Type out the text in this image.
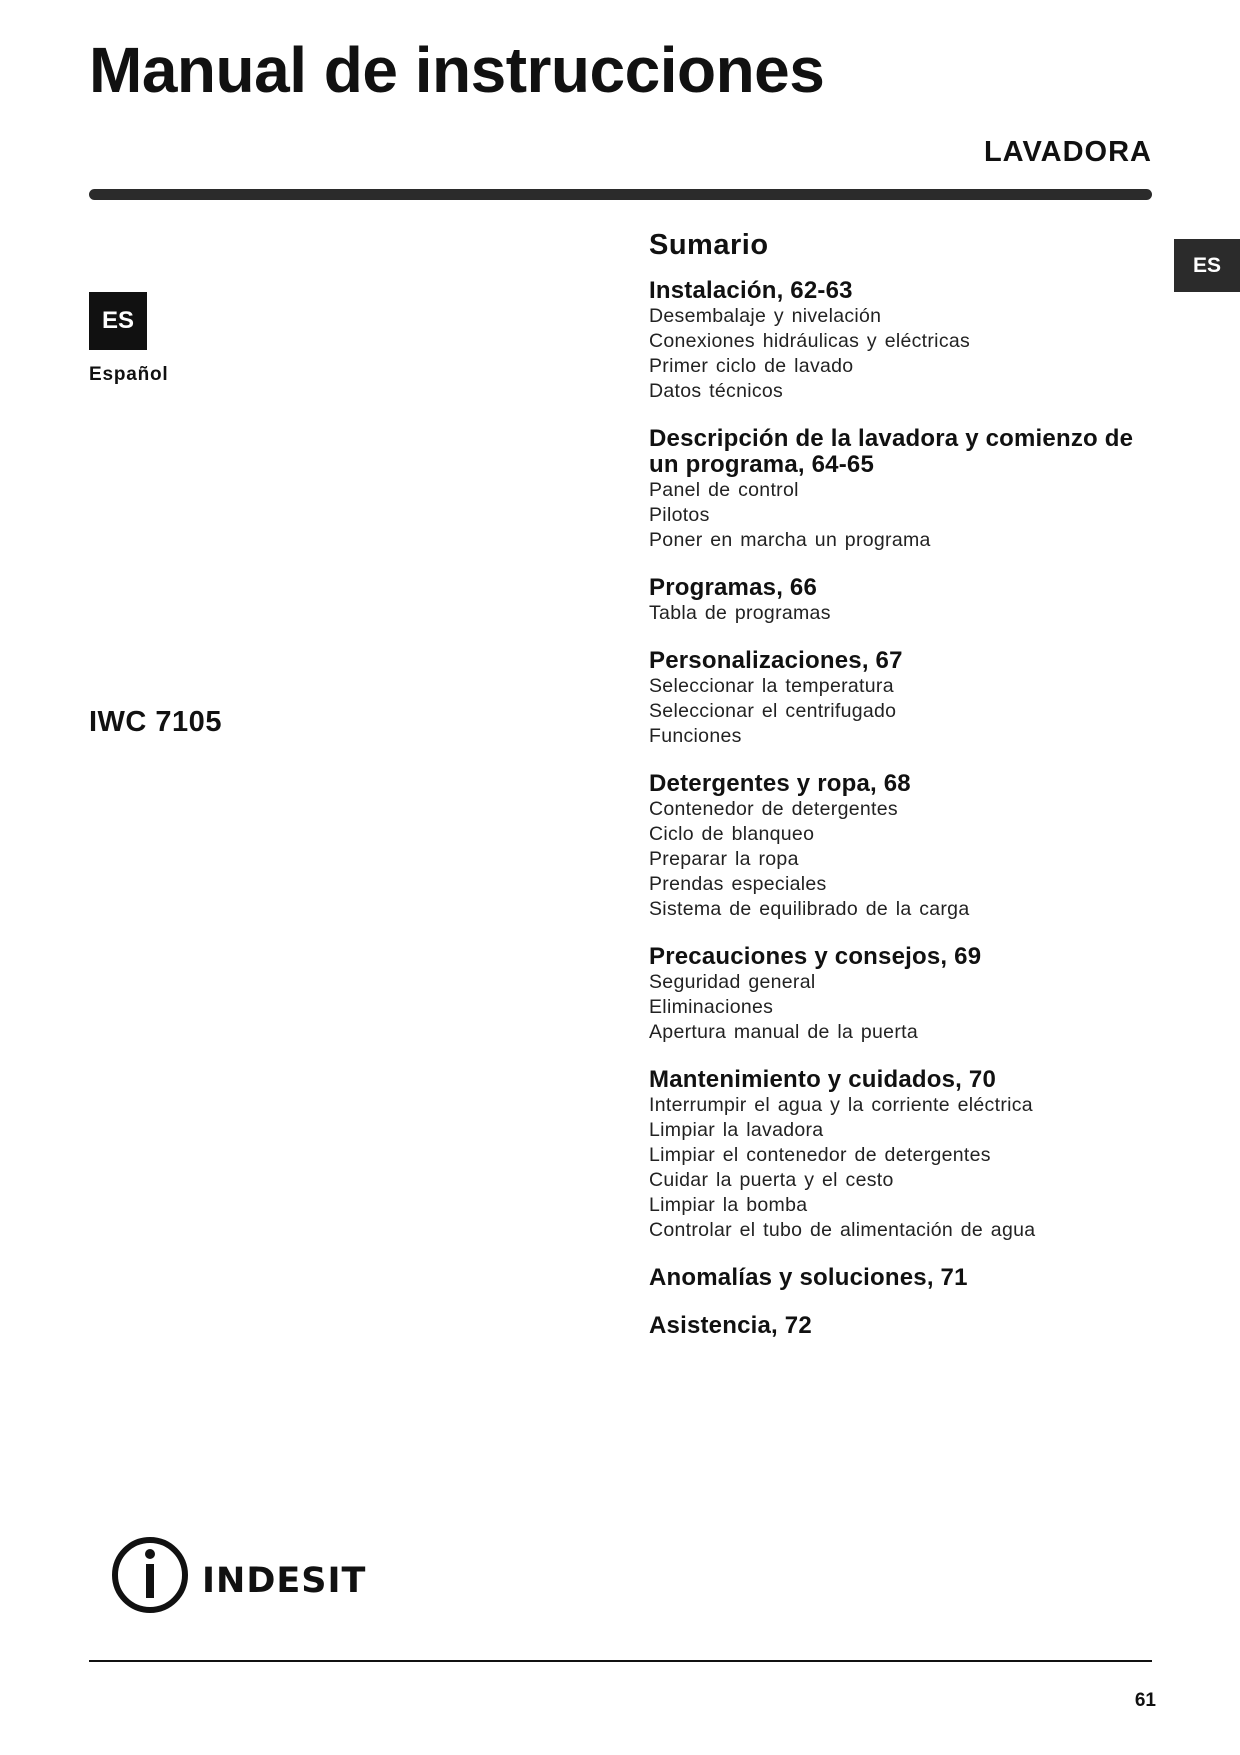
Manual de instrucciones
LAVADORA
ES
ES
Español
IWC 7105
Sumario
Instalación, 62-63
Desembalaje y nivelación
Conexiones hidráulicas y eléctricas
Primer ciclo de lavado
Datos técnicos
Descripción de la lavadora y comienzo de un programa, 64-65
Panel de control
Pilotos
Poner en marcha un programa
Programas, 66
Tabla de programas
Personalizaciones, 67
Seleccionar la temperatura
Seleccionar el centrifugado
Funciones
Detergentes y ropa, 68
Contenedor de detergentes
Ciclo de blanqueo
Preparar la ropa
Prendas especiales
Sistema de equilibrado de la carga
Precauciones y consejos, 69
Seguridad general
Eliminaciones
Apertura manual de la puerta
Mantenimiento y cuidados, 70
Interrumpir el agua y la corriente eléctrica
Limpiar la lavadora
Limpiar el contenedor de detergentes
Cuidar la puerta y el cesto
Limpiar la bomba
Controlar el tubo de alimentación de agua
Anomalías y soluciones, 71
Asistencia, 72
indesit
61
